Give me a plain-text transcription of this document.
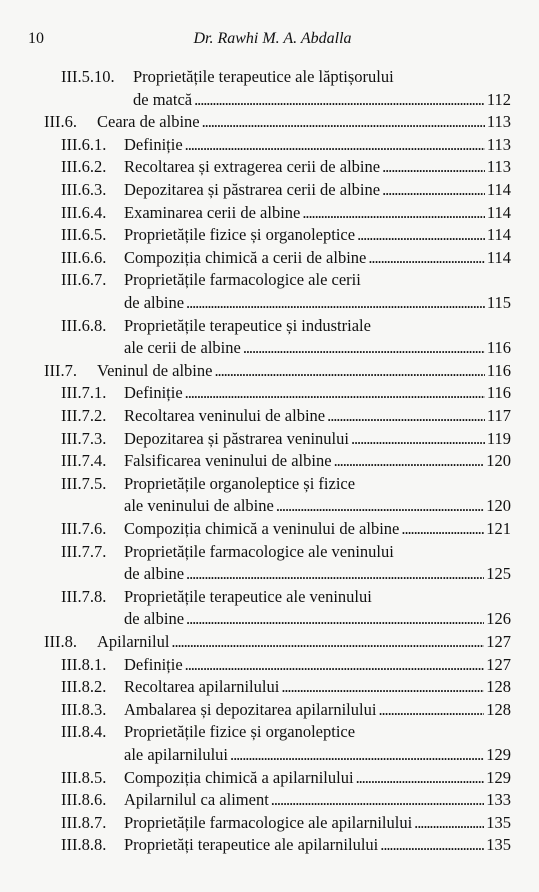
10	Dr. Rawhi M. A. Abdalla
III.5.10. Proprietățile terapeutice ale lăptișorului
de matcă . . .	112
III.6. Ceara de albine . . .	113
III.6.1. Definiție . . .	113
III.6.2. Recoltarea și extragerea cerii de albine . . .	113
III.6.3. Depozitarea și păstrarea cerii de albine . . .	114
III.6.4. Examinarea cerii de albine . . .	114
III.6.5. Proprietățile fizice și organoleptice . . .	114
III.6.6. Compoziția chimică a cerii de albine . . .	114
III.6.7. Proprietățile farmacologice ale cerii
de albine . . .	115
III.6.8. Proprietățile terapeutice și industriale
ale cerii de albine . . .	116
III.7. Veninul de albine . . .	116
III.7.1. Definiție . . .	116
III.7.2. Recoltarea veninului de albine . . .	117
III.7.3. Depozitarea și păstrarea veninului . . .	119
III.7.4. Falsificarea veninului de albine . . .	120
III.7.5. Proprietățile organoleptice și fizice
ale veninului de albine . . .	120
III.7.6. Compoziția chimică a veninului de albine . . .	121
III.7.7. Proprietățile farmacologice ale veninului
de albine . . .	125
III.7.8. Proprietățile terapeutice ale veninului
de albine . . .	126
III.8. Apilarnilul . . .	127
III.8.1. Definiție . . .	127
III.8.2. Recoltarea apilarnilului . . .	128
III.8.3. Ambalarea și depozitarea apilarnilului . . .	128
III.8.4. Proprietățile fizice și organoleptice
ale apilarnilului . . .	129
III.8.5. Compoziția chimică a apilarnilului . . .	129
III.8.6. Apilarnilul ca aliment . . .	133
III.8.7. Proprietățile farmacologice ale apilarnilului . . .	135
III.8.8. Proprietăți terapeutice ale apilarnilului . . .	135
